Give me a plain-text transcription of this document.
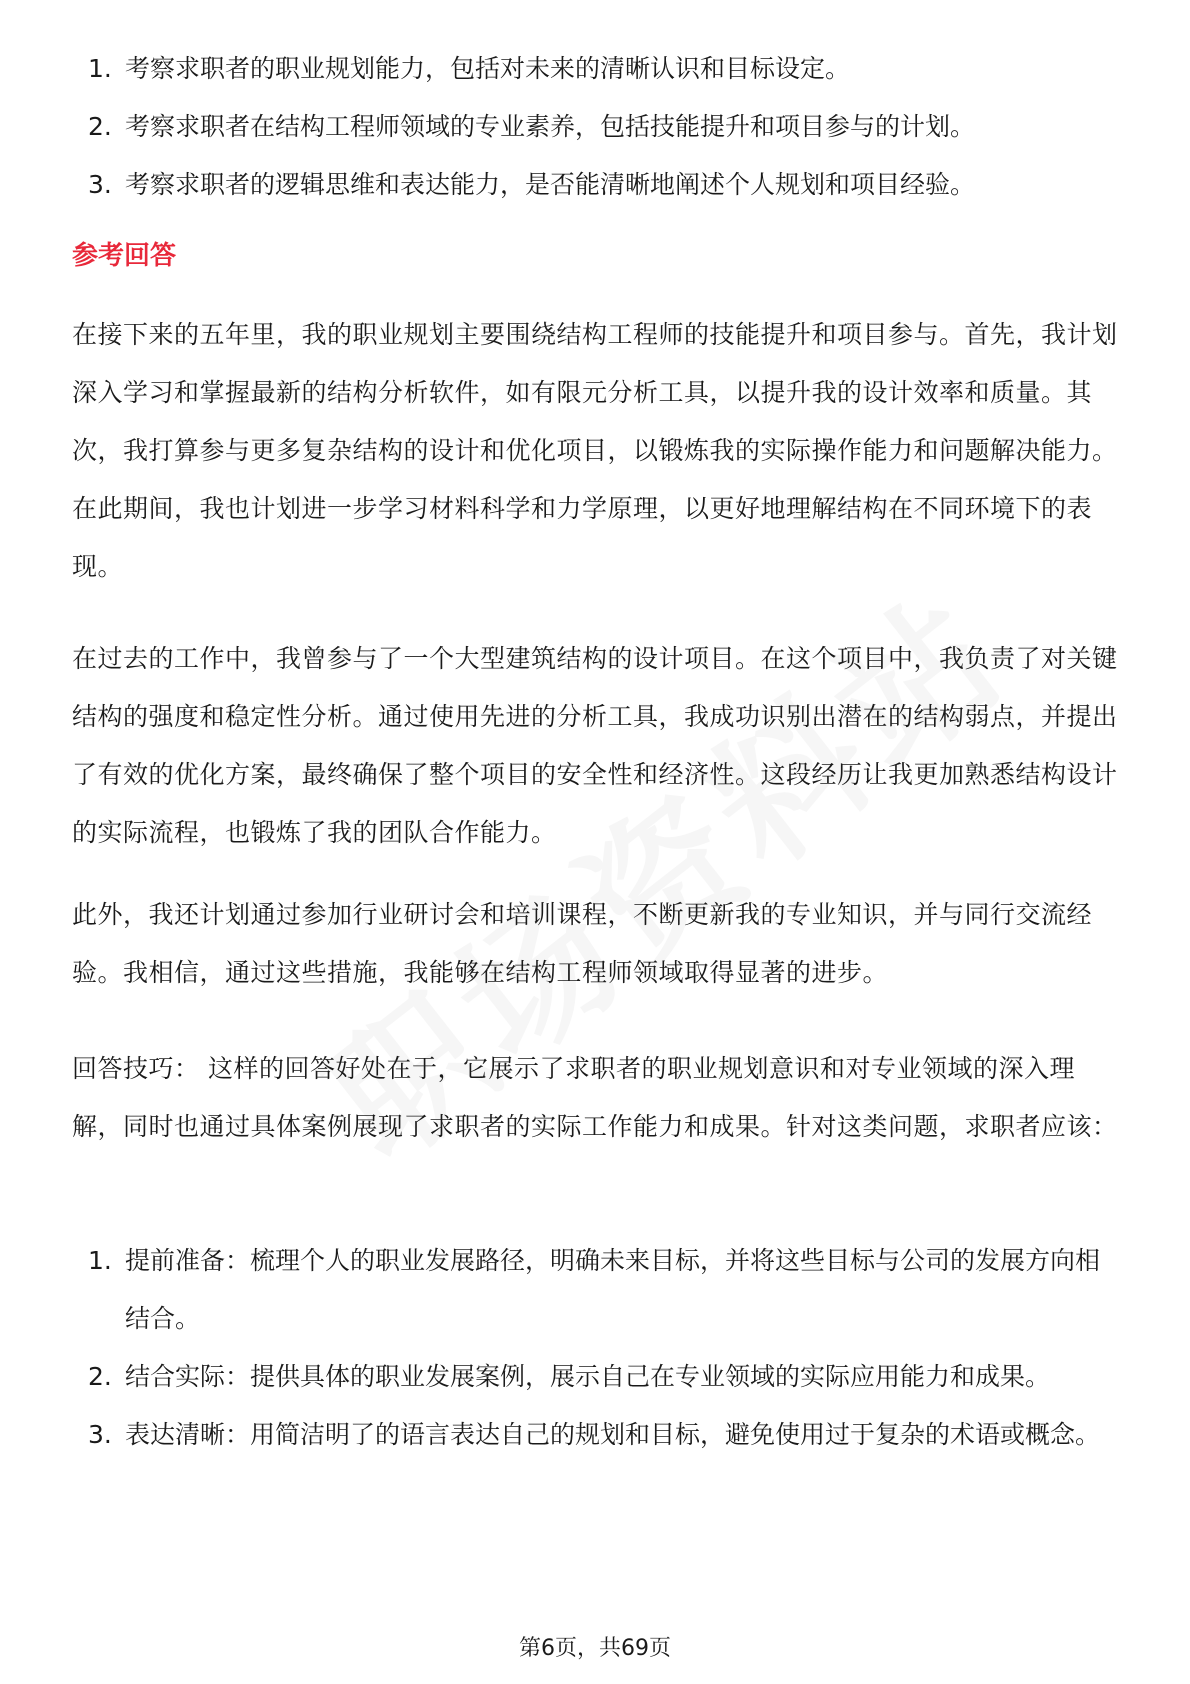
1. 考察求职者的职业规划能力，包括对未来的清晰认识和目标设定。
2. 考察求职者在结构工程师领域的专业素养，包括技能提升和项目参与的计划。
3. 考察求职者的逻辑思维和表达能力，是否能清晰地阐述个人规划和项目经验。
参考回答

在接下来的五年里，我的职业规划主要围绕结构工程师的技能提升和项目参与。首先，我计划深入学习和掌握最新的结构分析软件，如有限元分析工具，以提升我的设计效率和质量。其次，我打算参与更多复杂结构的设计和优化项目，以锻炼我的实际操作能力和问题解决能力。在此期间，我也计划进一步学习材料科学和力学原理，以更好地理解结构在不同环境下的表现。

在过去的工作中，我曾参与了一个大型建筑结构的设计项目。在这个项目中，我负责了对关键结构的强度和稳定性分析。通过使用先进的分析工具，我成功识别出潜在的结构弱点，并提出了有效的优化方案，最终确保了整个项目的安全性和经济性。这段经历让我更加熟悉结构设计的实际流程，也锻炼了我的团队合作能力。

此外，我还计划通过参加行业研讨会和培训课程，不断更新我的专业知识，并与同行交流经验。我相信，通过这些措施，我能够在结构工程师领域取得显著的进步。

回答技巧： 这样的回答好处在于，它展示了求职者的职业规划意识和对专业领域的深入理解，同时也通过具体案例展现了求职者的实际工作能力和成果。针对这类问题，求职者应该：

1. 提前准备：梳理个人的职业发展路径，明确未来目标，并将这些目标与公司的发展方向相结合。
2. 结合实际：提供具体的职业发展案例，展示自己在专业领域的实际应用能力和成果。
3. 表达清晰：用简洁明了的语言表达自己的规划和目标，避免使用过于复杂的术语或概念。
第6页，共69页
